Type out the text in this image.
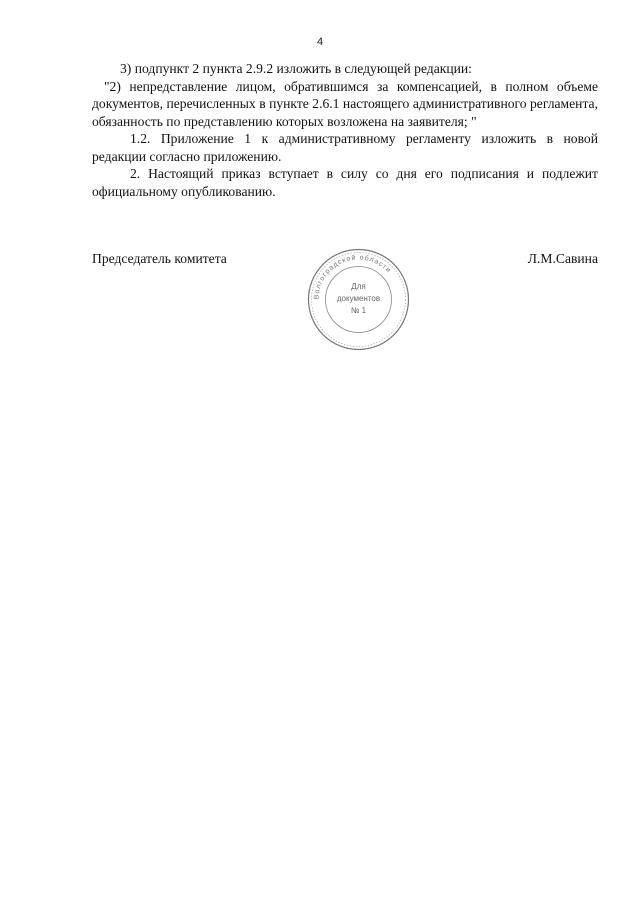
4

3) подпункт 2 пункта 2.9.2 изложить в следующей редакции:

"2) непредставление лицом, обратившимся за компенсацией, в полном объеме документов, перечисленных в пункте 2.6.1 настоящего административного регламента, обязанность по представлению которых возложена на заявителя; "

1.2. Приложение 1 к административному регламенту изложить в новой редакции согласно приложению.

2. Настоящий приказ вступает в силу со дня его подписания и подлежит официальному опубликованию.

Председатель комитета	Л.М.Савина
Волгоградской области
Для
документов
№ 1
